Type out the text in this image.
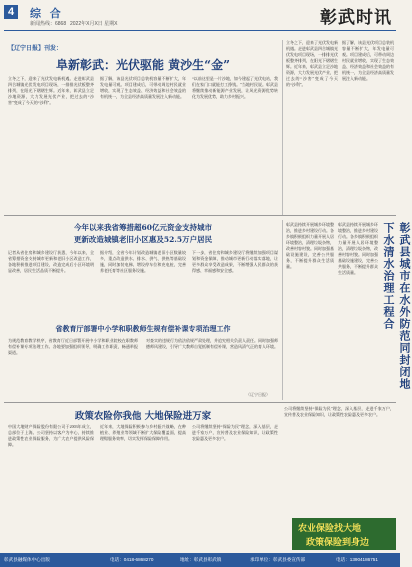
4	综 合
新闻热线：6868 2022年X月X日 星期X	彰武时讯
【辽宁日报】刊发：
阜新彰武：光伏驱能 黄沙生“金”
立冬之下，迎来了光伏发电新机遇。走进彰武县四合城镇光伏发电项目现场，一排排光伏板整齐排列，在阳光下熠熠生辉。近年来，彰武县立足沙地资源，大力发展光伏产业，把过去的“沙害”变成了今天的“沙利”。
据了解，该县光伏项目总装机容量不断扩大，年发电量可观。项目建成后，可带动周边村民就业增收，实现了生态效益、经济效益和社会效益的有机统一，为全县经济高质量发展注入新动能。
“以前这里是一片沙地，如今建起了光伏电站，我们在家门口就能打工挣钱。”当地村民说。彰武县将继续推动新能源产业发展，让风光资源优势转化为发展优势，助力乡村振兴。
立冬之下，迎来了光伏发电新机遇。走进彰武县四合城镇光伏发电项目现场，一排排光伏板整齐排列，在阳光下熠熠生辉。近年来，彰武县立足沙地资源，大力发展光伏产业，把过去的“沙害”变成了今天的“沙利”。
据了解，该县光伏项目总装机容量不断扩大，年发电量可观。项目建成后，可带动周边村民就业增收，实现了生态效益、经济效益和社会效益的有机统一，为全县经济高质量发展注入新动能。
今年以来我省筹措超60亿元资金支持城市
更新改造城镇老旧小区惠及52.5万户居民
记者从省住房和城乡建设厅获悉，今年以来，全省筹措资金支持城市更新和老旧小区改造工作，各地积极推进项目建设，改造完成后小区环境明显改善，居民生活品质不断提升。
据介绍，全省今年计划改造城镇老旧小区数量较多，重点改造供水、排水、供气、供热等基础设施，同时加装电梯、增设停车位和充电桩，完善养老托育等社区服务设施。
下一步，省住房和城乡建设厅将继续加强项目谋划和资金保障，推动城市更新行动落实落地，让更多群众享受改造成果，不断增强人民群众的获得感、幸福感和安全感。
省教育厅部署中小学和职教师生规有偿补课专项治理工作
为规范教育教学秩序，省教育厅近日部署开展中小学和职业院校在职教师有偿补课专项治理工作。各地要加强组织领导，明确工作职责，畅通举报渠道。
对查实的违规行为依法依规严肃处理，并追究相关负责人责任。同时加强师德师风建设，引导广大教师自觉抵制有偿补课，营造风清气正的育人环境。
（辽宁日报）
彰武县持续开展城乡环境整治，推进乡村建设行动。各乡镇积极组织力量开展人居环境整治，清理垃圾杂物，改善村容村貌。同时加强基础设施建设，完善公共服务，不断提升群众生活质量。
彰武县持续开展城乡环境整治，推进乡村建设行动。各乡镇积极组织力量开展人居环境整治，清理垃圾杂物，改善村容村貌。同时加强基础设施建设，完善公共服务，不断提升群众生活质量。	彰武县城市在水外防范同封闭地下水清水治理工程合
政策农险你我他 大地保险进万家
中国大地财产保险股份有限公司于2003年成立，总部位于上海。公司坚持以客户为中心，持续推进政策性农业保险服务，为广大农户提供风险保障。
近年来，大地保险积极参与乡村振兴战略，在种植业、养殖业等领域不断扩大保险覆盖面，提高理赔服务效率，切实发挥保险保障作用。
公司将继续坚持“保险为民”理念，深入基层，走进千家万户，宣传普及农业保险知识，让政策性农险惠及更多农户。
公司将继续坚持“保险为民”理念，深入基层，走进千家万户，宣传普及农业保险知识，让政策性农险惠及更多农户。
农业保险找大地
政策保险到身边
彰武县融媒体中心出版	电话：0418-6868270	地址：彰武县彰武镇	承印单位：彰武县委宣传部	电话：13904186751
